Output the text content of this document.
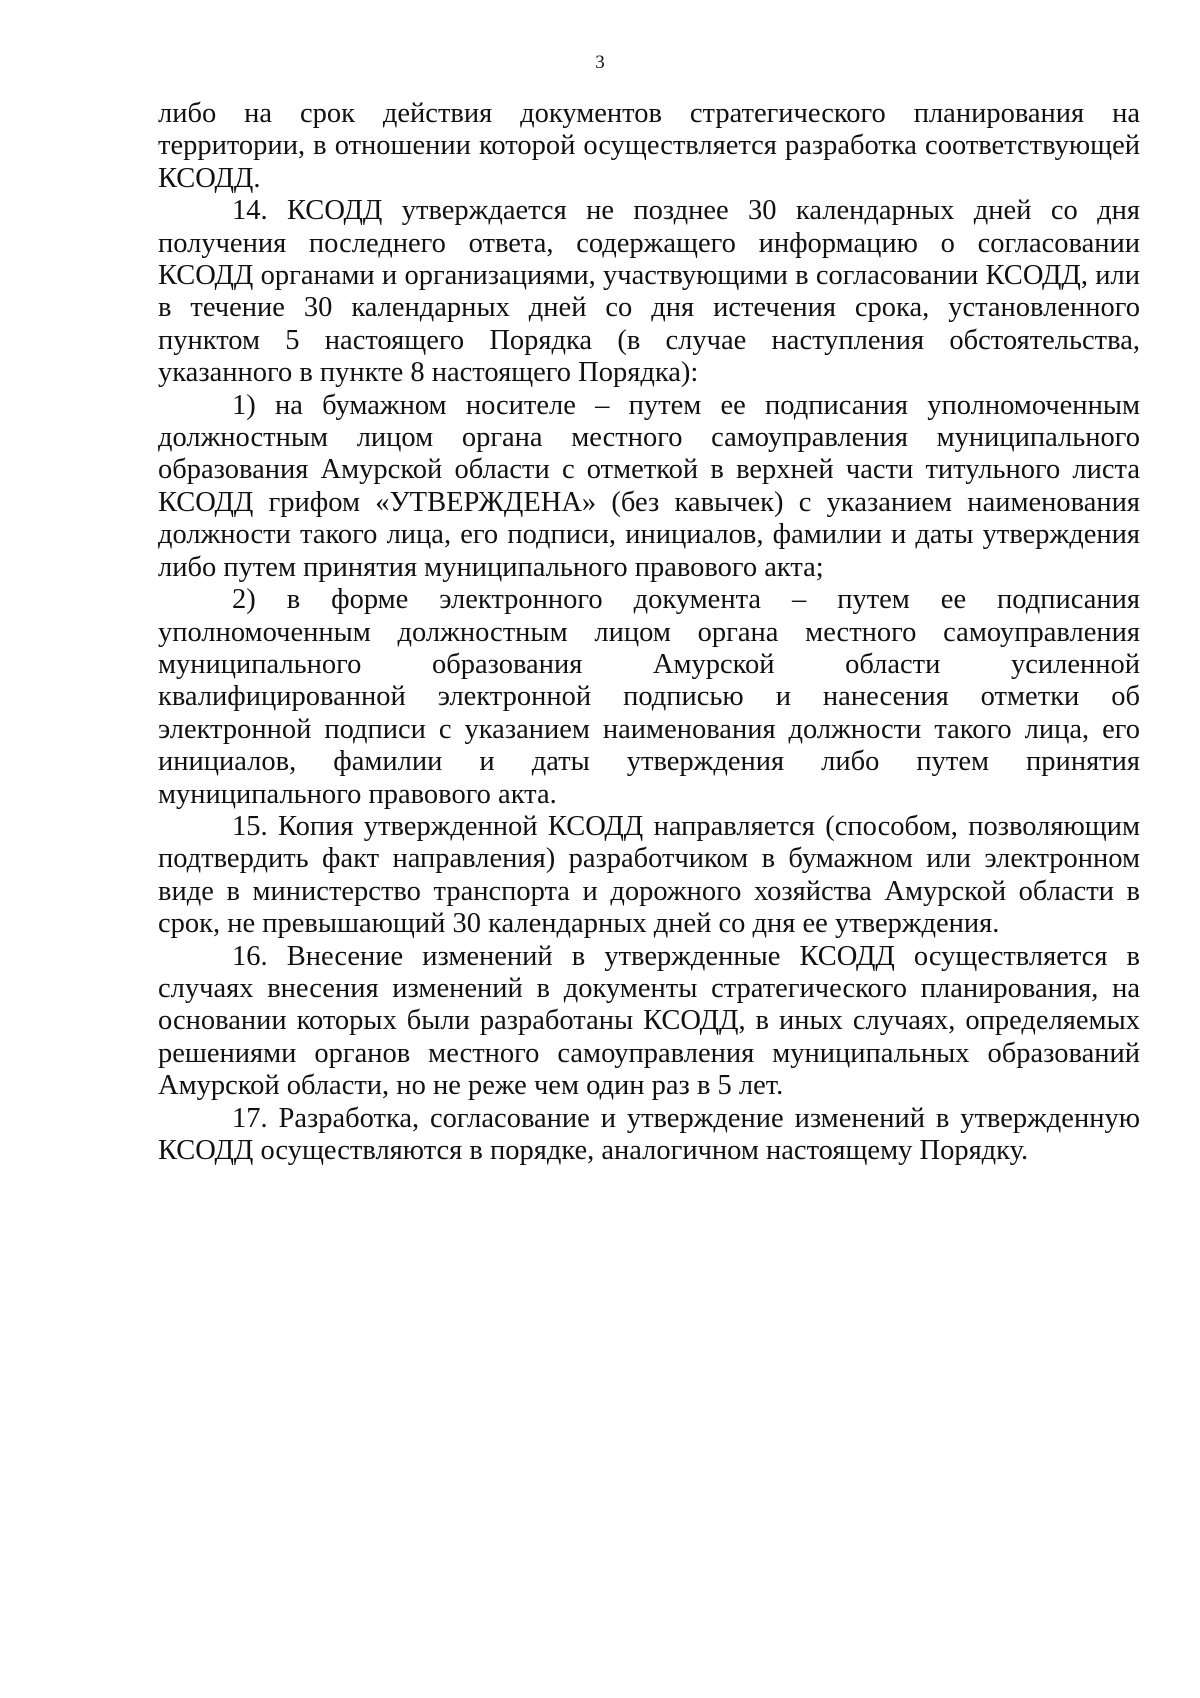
3

либо на срок действия документов стратегического планирования на территории, в отношении которой осуществляется разработка соответствующей КСОДД.

14. КСОДД утверждается не позднее 30 календарных дней со дня получения последнего ответа, содержащего информацию о согласовании КСОДД органами и организациями, участвующими в согласовании КСОДД, или в течение 30 календарных дней со дня истечения срока, установленного пунктом 5 настоящего Порядка (в случае наступления обстоятельства, указанного в пункте 8 настоящего Порядка):

1) на бумажном носителе – путем ее подписания уполномоченным должностным лицом органа местного самоуправления муниципального образования Амурской области с отметкой в верхней части титульного листа КСОДД грифом «УТВЕРЖДЕНА» (без кавычек) с указанием наименования должности такого лица, его подписи, инициалов, фамилии и даты утверждения либо путем принятия муниципального правового акта;

2) в форме электронного документа – путем ее подписания уполномоченным должностным лицом органа местного самоуправления муниципального образования Амурской области усиленной квалифицированной электронной подписью и нанесения отметки об электронной подписи с указанием наименования должности такого лица, его инициалов, фамилии и даты утверждения либо путем принятия муниципального правового акта.

15. Копия утвержденной КСОДД направляется (способом, позволяющим подтвердить факт направления) разработчиком в бумажном или электронном виде в министерство транспорта и дорожного хозяйства Амурской области в срок, не превышающий 30 календарных дней со дня ее утверждения.

16. Внесение изменений в утвержденные КСОДД осуществляется в случаях внесения изменений в документы стратегического планирования, на основании которых были разработаны КСОДД, в иных случаях, определяемых решениями органов местного самоуправления муниципальных образований Амурской области, но не реже чем один раз в 5 лет.

17. Разработка, согласование и утверждение изменений в утвержденную КСОДД осуществляются в порядке, аналогичном настоящему Порядку.
